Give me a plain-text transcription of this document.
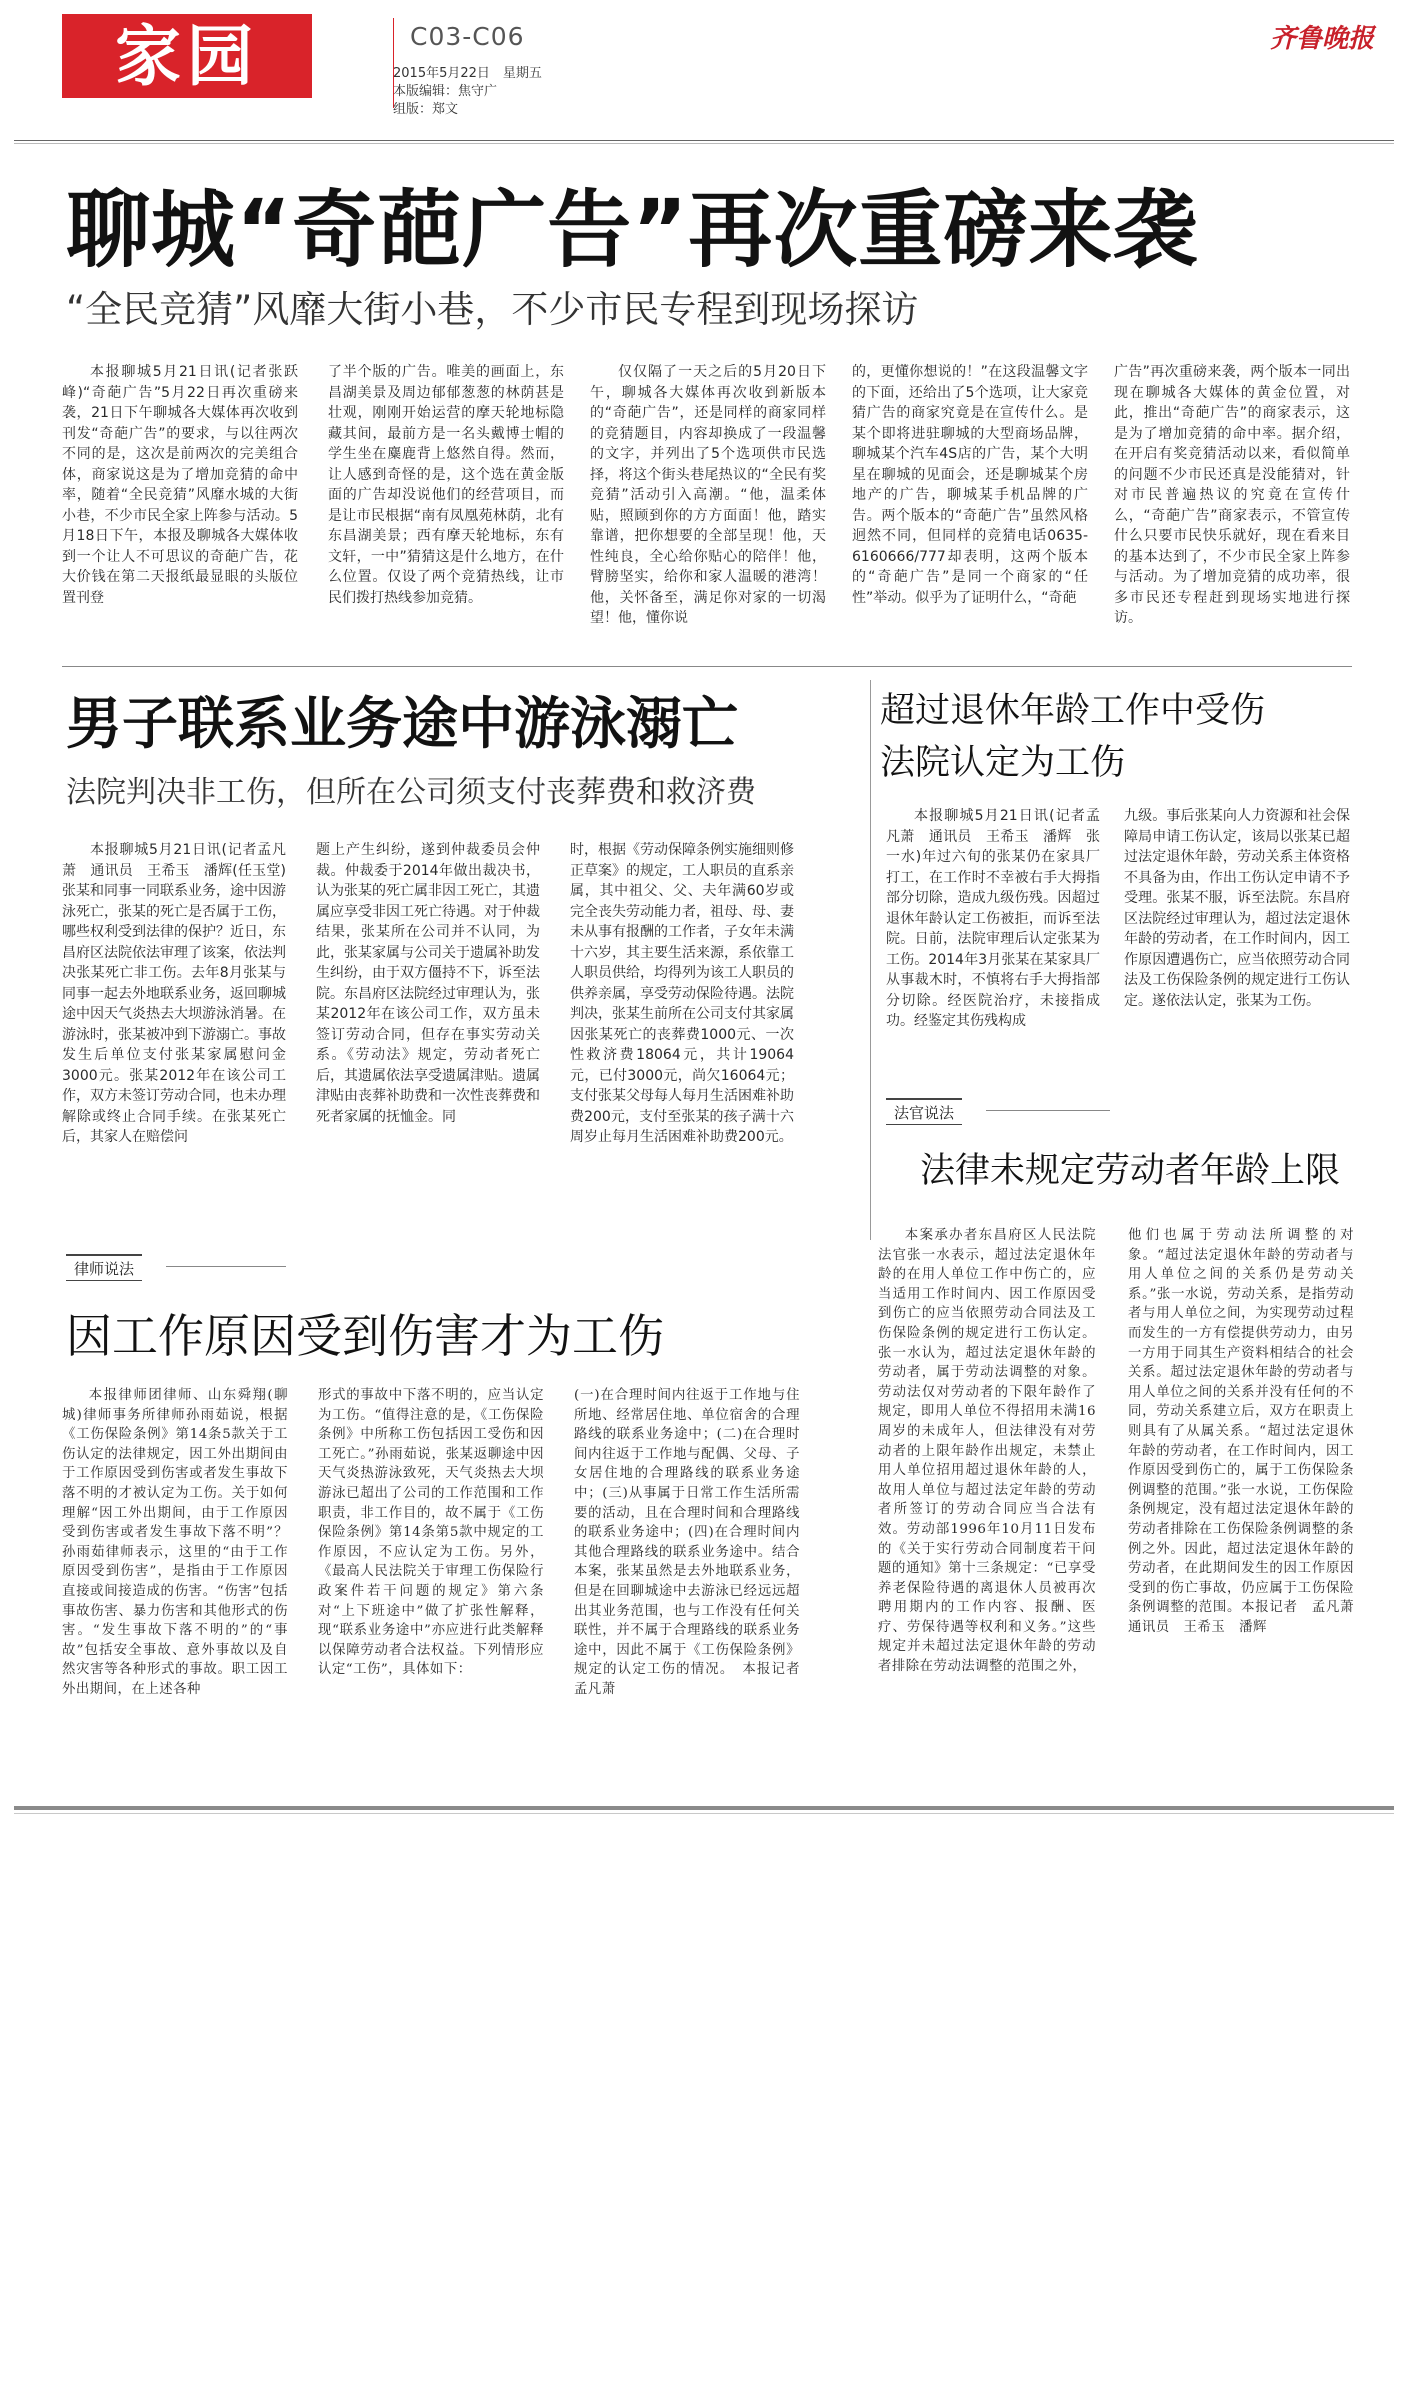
家园	C03-C06
2015年5月22日　星期五
本版编辑：焦守广
组版：郑文
齐鲁晚报
聊城“奇葩广告”再次重磅来袭
“全民竞猜”风靡大街小巷，不少市民专程到现场探访

本报聊城5月21日讯(记者张跃峰)“奇葩广告”5月22日再次重磅来袭，21日下午聊城各大媒体再次收到刊发“奇葩广告”的要求，与以往两次不同的是，这次是前两次的完美组合体，商家说这是为了增加竞猜的命中率，随着“全民竞猜”风靡水城的大街小巷，不少市民全家上阵参与活动。5月18日下午，本报及聊城各大媒体收到一个让人不可思议的奇葩广告，花大价钱在第二天报纸最显眼的头版位置刊登

了半个版的广告。唯美的画面上，东昌湖美景及周边郁郁葱葱的林荫甚是壮观，刚刚开始运营的摩天轮地标隐藏其间，最前方是一名头戴博士帽的学生坐在麋鹿背上悠然自得。然而，让人感到奇怪的是，这个选在黄金版面的广告却没说他们的经营项目，而是让市民根据“南有凤凰苑林荫，北有东昌湖美景；西有摩天轮地标，东有文轩，一中”猜猜这是什么地方，在什么位置。仅设了两个竞猜热线，让市民们拨打热线参加竞猜。

仅仅隔了一天之后的5月20日下午，聊城各大媒体再次收到新版本的“奇葩广告”，还是同样的商家同样的竞猜题目，内容却换成了一段温馨的文字，并列出了5个选项供市民选择，将这个街头巷尾热议的“全民有奖竞猜”活动引入高潮。“他，温柔体贴，照顾到你的方方面面！他，踏实靠谱，把你想要的全部呈现！他，天性纯良，全心给你贴心的陪伴！他，臂膀坚实，给你和家人温暖的港湾！他，关怀备至，满足你对家的一切渴望！他，懂你说

的，更懂你想说的！”在这段温馨文字的下面，还给出了5个选项，让大家竞猜广告的商家究竟是在宣传什么。是某个即将进驻聊城的大型商场品牌，聊城某个汽车4S店的广告，某个大明星在聊城的见面会，还是聊城某个房地产的广告，聊城某手机品牌的广告。两个版本的“奇葩广告”虽然风格迥然不同，但同样的竞猜电话0635-6160666/777却表明，这两个版本的“奇葩广告”是同一个商家的“任性”举动。似乎为了证明什么，“奇葩

广告”再次重磅来袭，两个版本一同出现在聊城各大媒体的黄金位置，对此，推出“奇葩广告”的商家表示，这是为了增加竞猜的命中率。据介绍，在开启有奖竞猜活动以来，看似简单的问题不少市民还真是没能猜对，针对市民普遍热议的究竟在宣传什么，“奇葩广告”商家表示，不管宣传什么只要市民快乐就好，现在看来目的基本达到了，不少市民全家上阵参与活动。为了增加竞猜的成功率，很多市民还专程赶到现场实地进行探访。

男子联系业务途中游泳溺亡
法院判决非工伤，但所在公司须支付丧葬费和救济费

本报聊城5月21日讯(记者孟凡萧　通讯员　王希玉　潘辉(任玉堂)张某和同事一同联系业务，途中因游泳死亡，张某的死亡是否属于工伤，哪些权利受到法律的保护？近日，东昌府区法院依法审理了该案，依法判决张某死亡非工伤。去年8月张某与同事一起去外地联系业务，返回聊城途中因天气炎热去大坝游泳消暑。在游泳时，张某被冲到下游溺亡。事故发生后单位支付张某家属慰问金3000元。张某2012年在该公司工作，双方未签订劳动合同，也未办理解除或终止合同手续。在张某死亡后，其家人在赔偿问

题上产生纠纷，遂到仲裁委员会仲裁。仲裁委于2014年做出裁决书，认为张某的死亡属非因工死亡，其遗属应享受非因工死亡待遇。对于仲裁结果，张某所在公司并不认同，为此，张某家属与公司关于遗属补助发生纠纷，由于双方僵持不下，诉至法院。东昌府区法院经过审理认为，张某2012年在该公司工作，双方虽未签订劳动合同，但存在事实劳动关系。《劳动法》规定，劳动者死亡后，其遗属依法享受遗属津贴。遗属津贴由丧葬补助费和一次性丧葬费和死者家属的抚恤金。同

时，根据《劳动保障条例实施细则修正草案》的规定，工人职员的直系亲属，其中祖父、父、夫年满60岁或完全丧失劳动能力者，祖母、母、妻未从事有报酬的工作者，子女年未满十六岁，其主要生活来源，系依靠工人职员供给，均得列为该工人职员的供养亲属，享受劳动保险待遇。法院判决，张某生前所在公司支付其家属因张某死亡的丧葬费1000元、一次性救济费18064元，共计19064元，已付3000元，尚欠16064元；支付张某父母每人每月生活困难补助费200元，支付至张某的孩子满十六周岁止每月生活困难补助费200元。

超过退休年龄工作中受伤
法院认定为工伤

本报聊城5月21日讯(记者孟凡萧　通讯员　王希玉　潘辉　张一水)年过六旬的张某仍在家具厂打工，在工作时不幸被右手大拇指部分切除，造成九级伤残。因超过退休年龄认定工伤被拒，而诉至法院。日前，法院审理后认定张某为工伤。2014年3月张某在某家具厂从事裁木时，不慎将右手大拇指部分切除。经医院治疗，未接指成功。经鉴定其伤残构成

九级。事后张某向人力资源和社会保障局申请工伤认定，该局以张某已超过法定退休年龄，劳动关系主体资格不具备为由，作出工伤认定申请不予受理。张某不服，诉至法院。东昌府区法院经过审理认为，超过法定退休年龄的劳动者，在工作时间内，因工作原因遭遇伤亡，应当依照劳动合同法及工伤保险条例的规定进行工伤认定。遂依法认定，张某为工伤。

法官说法
法律未规定劳动者年龄上限

本案承办者东昌府区人民法院法官张一水表示，超过法定退休年龄的在用人单位工作中伤亡的，应当适用工作时间内、因工作原因受到伤亡的应当依照劳动合同法及工伤保险条例的规定进行工伤认定。张一水认为，超过法定退休年龄的劳动者，属于劳动法调整的对象。劳动法仅对劳动者的下限年龄作了规定，即用人单位不得招用未满16周岁的未成年人，但法律没有对劳动者的上限年龄作出规定，未禁止用人单位招用超过退休年龄的人，故用人单位与超过法定年龄的劳动者所签订的劳动合同应当合法有效。劳动部1996年10月11日发布的《关于实行劳动合同制度若干问题的通知》第十三条规定：“已享受养老保险待遇的离退休人员被再次聘用期内的工作内容、报酬、医疗、劳保待遇等权利和义务。”这些规定并未超过法定退休年龄的劳动者排除在劳动法调整的范围之外，

他们也属于劳动法所调整的对象。“超过法定退休年龄的劳动者与用人单位之间的关系仍是劳动关系。”张一水说，劳动关系，是指劳动者与用人单位之间，为实现劳动过程而发生的一方有偿提供劳动力，由另一方用于同其生产资料相结合的社会关系。超过法定退休年龄的劳动者与用人单位之间的关系并没有任何的不同，劳动关系建立后，双方在职责上则具有了从属关系。“超过法定退休年龄的劳动者，在工作时间内，因工作原因受到伤亡的，属于工伤保险条例调整的范围。”张一水说，工伤保险条例规定，没有超过法定退休年龄的劳动者排除在工伤保险条例调整的条例之外。因此，超过法定退休年龄的劳动者，在此期间发生的因工作原因受到的伤亡事故，仍应属于工伤保险条例调整的范围。本报记者　孟凡萧　通讯员　王希玉　潘辉

律师说法
因工作原因受到伤害才为工伤

本报律师团律师、山东舜翔(聊城)律师事务所律师孙雨茹说，根据《工伤保险条例》第14条5款关于工伤认定的法律规定，因工外出期间由于工作原因受到伤害或者发生事故下落不明的才被认定为工伤。关于如何理解“因工外出期间，由于工作原因受到伤害或者发生事故下落不明”？孙雨茹律师表示，这里的“由于工作原因受到伤害”，是指由于工作原因直接或间接造成的伤害。“伤害”包括事故伤害、暴力伤害和其他形式的伤害。“发生事故下落不明的”的“事故”包括安全事故、意外事故以及自然灾害等各种形式的事故。职工因工外出期间，在上述各种

形式的事故中下落不明的，应当认定为工伤。“值得注意的是，《工伤保险条例》中所称工伤包括因工受伤和因工死亡。”孙雨茹说，张某返聊途中因天气炎热游泳致死，天气炎热去大坝游泳已超出了公司的工作范围和工作职责，非工作目的，故不属于《工伤保险条例》第14条第5款中规定的工作原因，不应认定为工伤。另外，《最高人民法院关于审理工伤保险行政案件若干问题的规定》第六条对“上下班途中”做了扩张性解释，现“联系业务途中”亦应进行此类解释以保障劳动者合法权益。下列情形应认定“工伤”，具体如下：

(一)在合理时间内往返于工作地与住所地、经常居住地、单位宿舍的合理路线的联系业务途中；(二)在合理时间内往返于工作地与配偶、父母、子女居住地的合理路线的联系业务途中；(三)从事属于日常工作生活所需要的活动，且在合理时间和合理路线的联系业务途中；(四)在合理时间内其他合理路线的联系业务途中。结合本案，张某虽然是去外地联系业务，但是在回聊城途中去游泳已经远远超出其业务范围，也与工作没有任何关联性，并不属于合理路线的联系业务途中，因此不属于《工伤保险条例》规定的认定工伤的情况。　本报记者　孟凡萧
